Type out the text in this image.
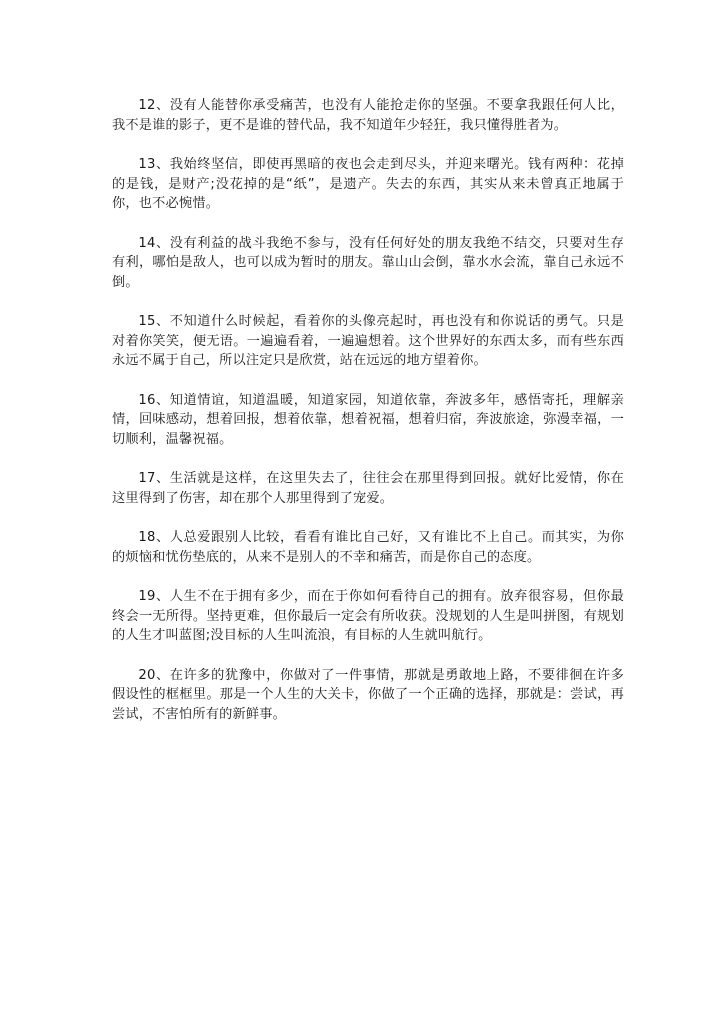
12、没有人能替你承受痛苦，也没有人能抢走你的坚强。不要拿我跟任何人比，我不是谁的影子，更不是谁的替代品，我不知道年少轻狂，我只懂得胜者为。

13、我始终坚信，即使再黑暗的夜也会走到尽头，并迎来曙光。钱有两种：花掉的是钱，是财产;没花掉的是“纸”，是遗产。失去的东西，其实从来未曾真正地属于你，也不必惋惜。

14、没有利益的战斗我绝不参与，没有任何好处的朋友我绝不结交，只要对生存有利，哪怕是敌人，也可以成为暂时的朋友。靠山山会倒，靠水水会流，靠自己永远不倒。

15、不知道什么时候起，看着你的头像亮起时，再也没有和你说话的勇气。只是对着你笑笑，便无语。一遍遍看着，一遍遍想着。这个世界好的东西太多，而有些东西永远不属于自己，所以注定只是欣赏，站在远远的地方望着你。

16、知道情谊，知道温暖，知道家园，知道依靠，奔波多年，感悟寄托，理解亲情，回味感动，想着回报，想着依靠，想着祝福，想着归宿，奔波旅途，弥漫幸福，一切顺利，温馨祝福。

17、生活就是这样，在这里失去了，往往会在那里得到回报。就好比爱情，你在这里得到了伤害，却在那个人那里得到了宠爱。

18、人总爱跟别人比较，看看有谁比自己好，又有谁比不上自己。而其实，为你的烦恼和忧伤垫底的，从来不是别人的不幸和痛苦，而是你自己的态度。

19、人生不在于拥有多少，而在于你如何看待自己的拥有。放弃很容易，但你最终会一无所得。坚持更难，但你最后一定会有所收获。没规划的人生是叫拼图，有规划的人生才叫蓝图;没目标的人生叫流浪，有目标的人生就叫航行。

20、在许多的犹豫中，你做对了一件事情，那就是勇敢地上路，不要徘徊在许多假设性的框框里。那是一个人生的大关卡，你做了一个正确的选择，那就是：尝试，再尝试，不害怕所有的新鲜事。
